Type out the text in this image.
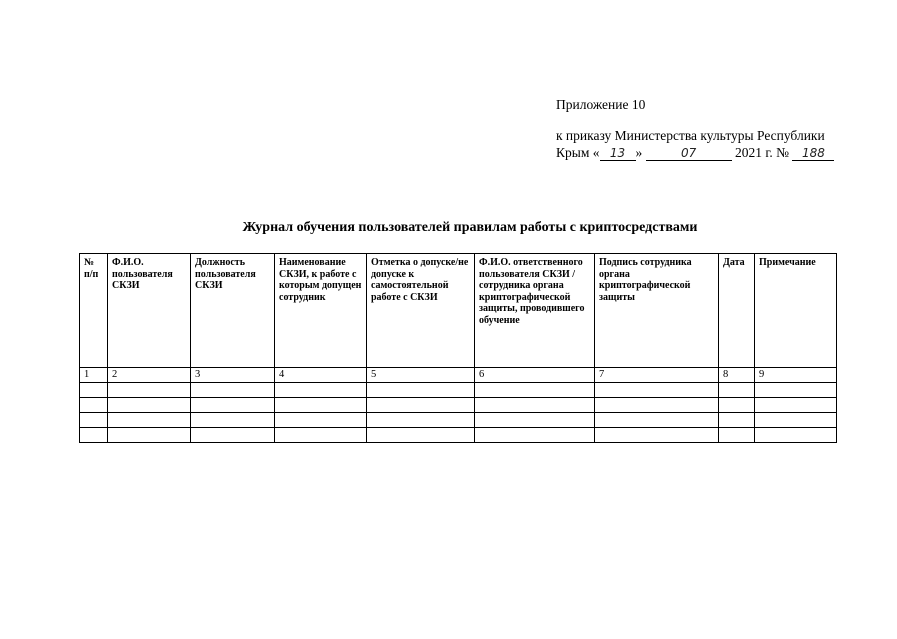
Приложение 10
к приказу Министерства культуры Республики
Крым « 13 »	07	2021 г. № 188
Журнал обучения пользователей правилам работы с криптосредствами
№ п/п	Ф.И.О. пользователя СКЗИ	Должность пользователя СКЗИ	Наименование СКЗИ, к работе с которым допущен сотрудник	Отметка о допуске/не допуске к самостоятельной работе с СКЗИ	Ф.И.О. ответственного пользователя СКЗИ / сотрудника органа криптографической защиты, проводившего обучение	Подпись сотрудника органа криптографической защиты	Дата	Примечание
1	2	3	4	5	6	7	8	9
